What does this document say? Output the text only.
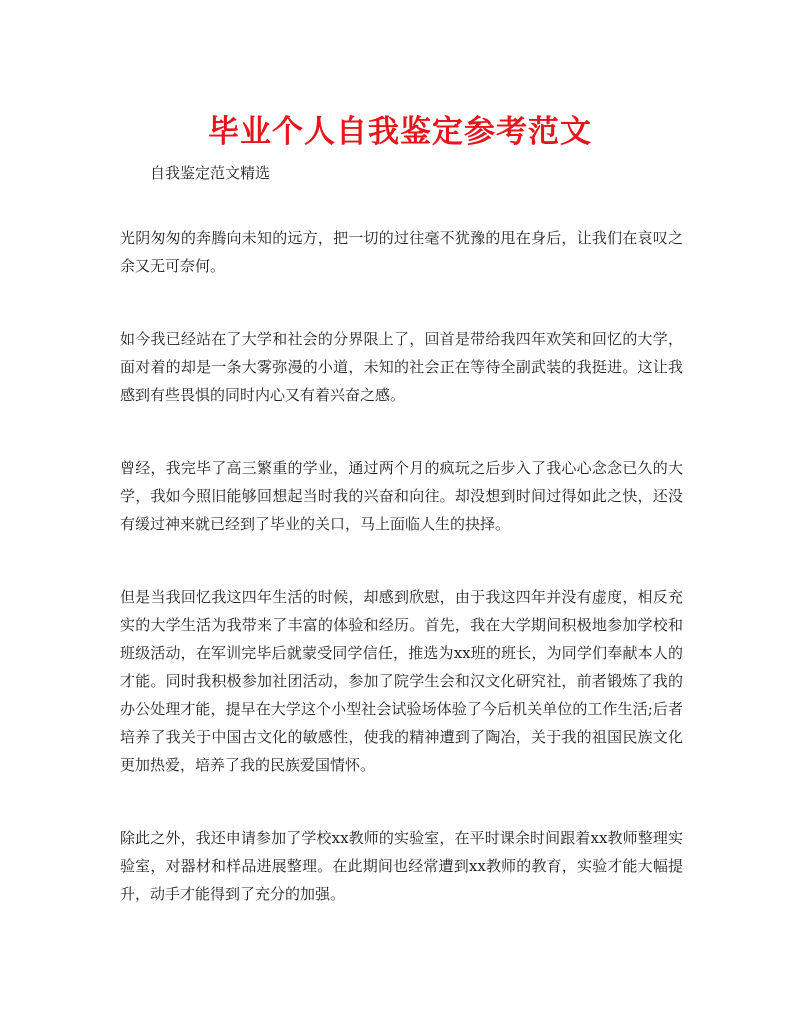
毕业个人自我鉴定参考范文

自我鉴定范文精选

光阴匆匆的奔腾向未知的远方，把一切的过往毫不犹豫的甩在身后，让我们在哀叹之余又无可奈何。

如今我已经站在了大学和社会的分界限上了，回首是带给我四年欢笑和回忆的大学，面对着的却是一条大雾弥漫的小道，未知的社会正在等待全副武装的我挺进。这让我感到有些畏惧的同时内心又有着兴奋之感。

曾经，我完毕了高三繁重的学业，通过两个月的疯玩之后步入了我心心念念已久的大学，我如今照旧能够回想起当时我的兴奋和向往。却没想到时间过得如此之快，还没有缓过神来就已经到了毕业的关口，马上面临人生的抉择。

但是当我回忆我这四年生活的时候，却感到欣慰，由于我这四年并没有虚度，相反充实的大学生活为我带来了丰富的体验和经历。首先，我在大学期间积极地参加学校和班级活动，在军训完毕后就蒙受同学信任，推选为xx班的班长，为同学们奉献本人的才能。同时我积极参加社团活动，参加了院学生会和汉文化研究社，前者锻炼了我的办公处理才能，提早在大学这个小型社会试验场体验了今后机关单位的工作生活;后者培养了我关于中国古文化的敏感性，使我的精神遭到了陶冶，关于我的祖国民族文化更加热爱，培养了我的民族爱国情怀。

除此之外，我还申请参加了学校xx教师的实验室，在平时课余时间跟着xx教师整理实验室，对器材和样品进展整理。在此期间也经常遭到xx教师的教育，实验才能大幅提升，动手才能得到了充分的加强。
